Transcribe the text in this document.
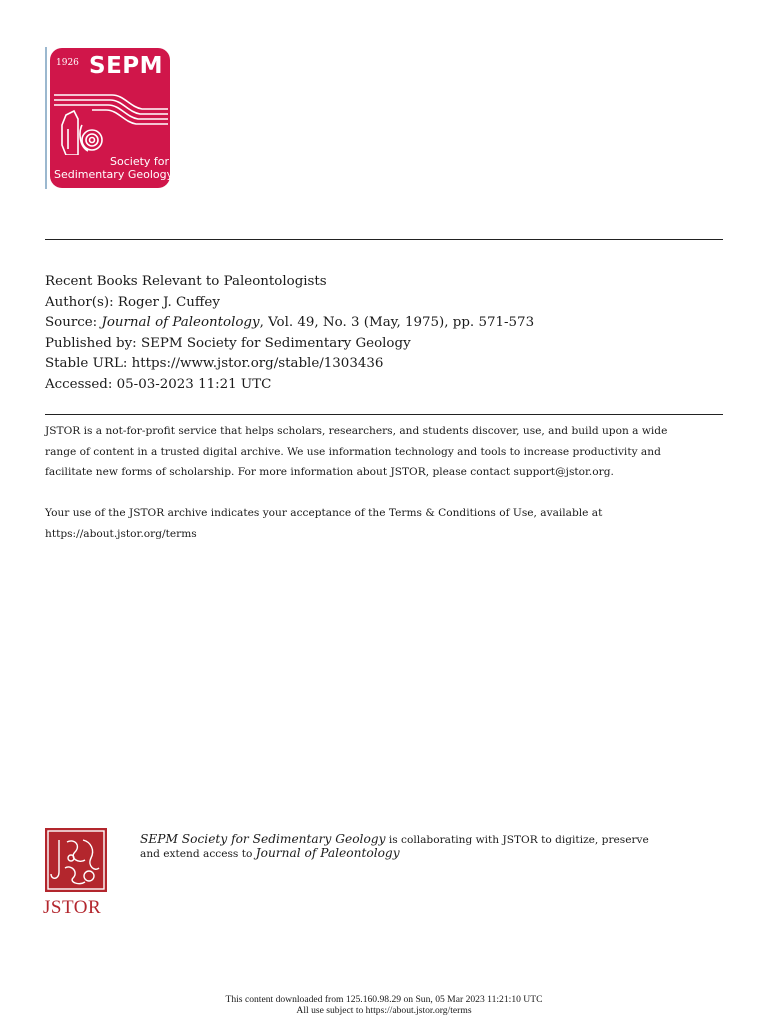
1926 SEPM
Society for
Sedimentary Geology
Recent Books Relevant to Paleontologists
Author(s): Roger J. Cuffey
Source: Journal of Paleontology, Vol. 49, No. 3 (May, 1975), pp. 571-573
Published by: SEPM Society for Sedimentary Geology
Stable URL: https://www.jstor.org/stable/1303436
Accessed: 05-03-2023 11:21 UTC

JSTOR is a not-for-profit service that helps scholars, researchers, and students discover, use, and build upon a wide

range of content in a trusted digital archive. We use information technology and tools to increase productivity and

facilitate new forms of scholarship. For more information about JSTOR, please contact support@jstor.org.

Your use of the JSTOR archive indicates your acceptance of the Terms & Conditions of Use, available at

https://about.jstor.org/terms

JSTOR
SEPM Society for Sedimentary Geology is collaborating with JSTOR to digitize, preserve
and extend access to Journal of Paleontology
This content downloaded from 125.160.98.29 on Sun, 05 Mar 2023 11:21:10 UTC
All use subject to https://about.jstor.org/terms
